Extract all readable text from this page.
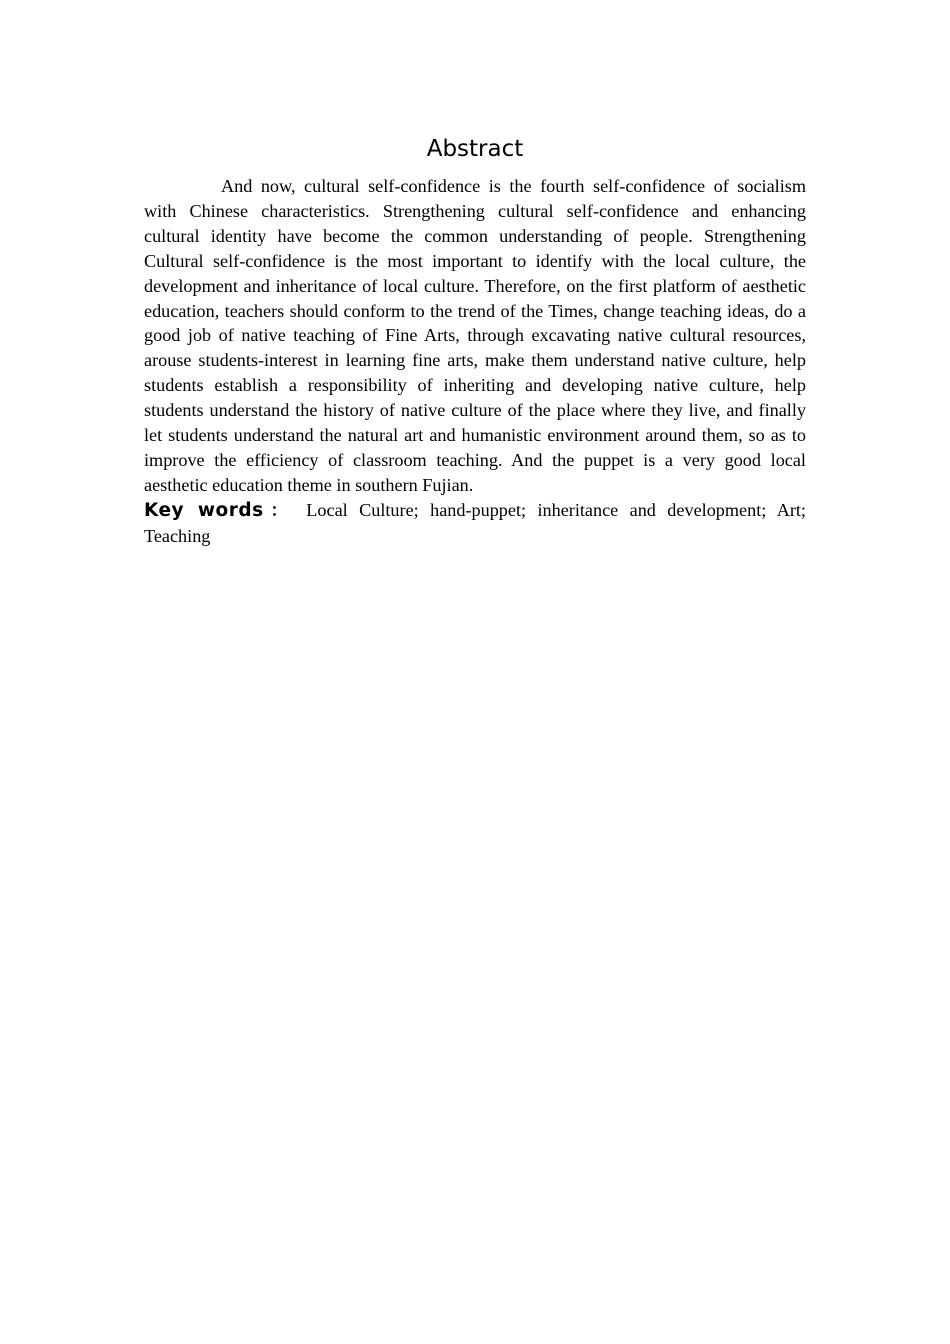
Abstract

And now, cultural self-confidence is the fourth self-confidence of socialism with Chinese characteristics. Strengthening cultural self-confidence and enhancing cultural identity have become the common understanding of people. Strengthening Cultural self-confidence is the most important to identify with the local culture, the development and inheritance of local culture. Therefore, on the first platform of aesthetic education, teachers should conform to the trend of the Times, change teaching ideas, do a good job of native teaching of Fine Arts, through excavating native cultural resources, arouse students-interest in learning fine arts, make them understand native culture, help students establish a responsibility of inheriting and developing native culture, help students understand the history of native culture of the place where they live, and finally let students understand the natural art and humanistic environment around them, so as to improve the efficiency of classroom teaching. And the puppet is a very good local aesthetic education theme in southern Fujian.

Key words： Local Culture; hand-puppet; inheritance and development; Art; Teaching
